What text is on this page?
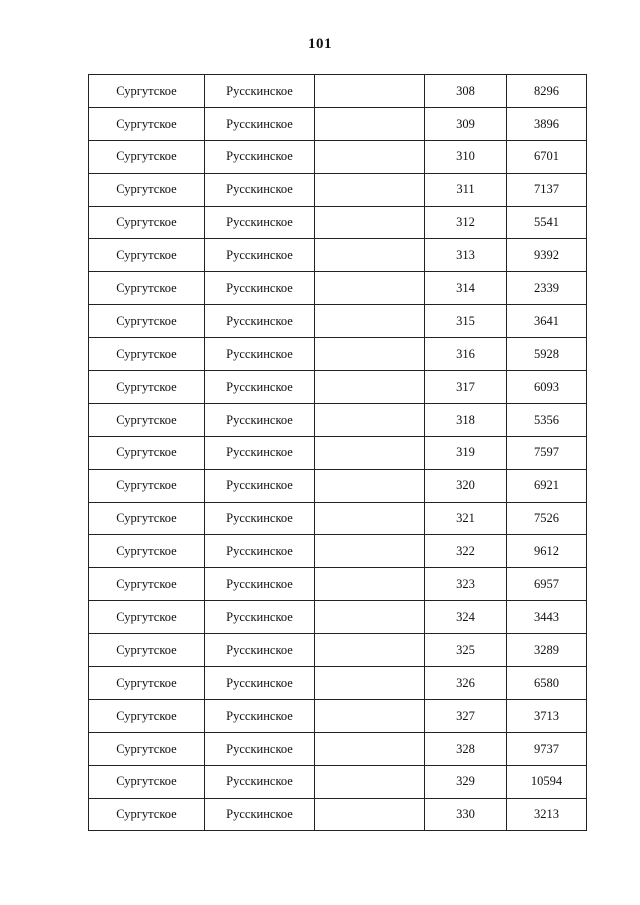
101
Сургутское	Русскинское		308	8296
Сургутское	Русскинское		309	3896
Сургутское	Русскинское		310	6701
Сургутское	Русскинское		311	7137
Сургутское	Русскинское		312	5541
Сургутское	Русскинское		313	9392
Сургутское	Русскинское		314	2339
Сургутское	Русскинское		315	3641
Сургутское	Русскинское		316	5928
Сургутское	Русскинское		317	6093
Сургутское	Русскинское		318	5356
Сургутское	Русскинское		319	7597
Сургутское	Русскинское		320	6921
Сургутское	Русскинское		321	7526
Сургутское	Русскинское		322	9612
Сургутское	Русскинское		323	6957
Сургутское	Русскинское		324	3443
Сургутское	Русскинское		325	3289
Сургутское	Русскинское		326	6580
Сургутское	Русскинское		327	3713
Сургутское	Русскинское		328	9737
Сургутское	Русскинское		329	10594
Сургутское	Русскинское		330	3213
